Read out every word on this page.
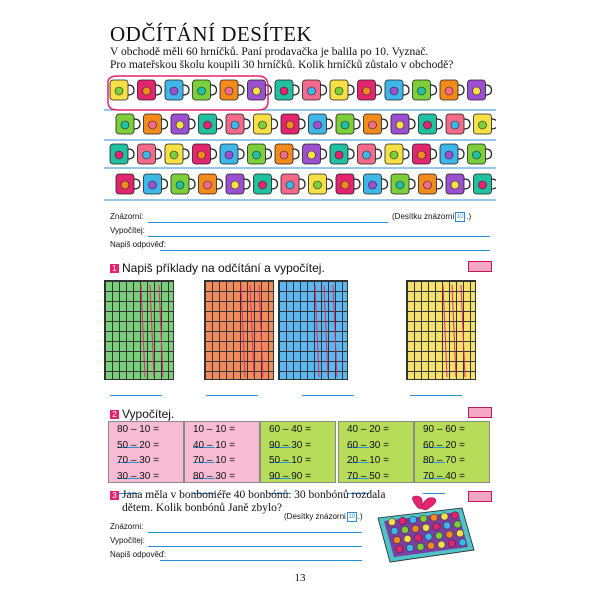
ODČÍTÁNÍ DESÍTEK
V obchodě měli 60 hrníčků. Paní prodavačka je balila po 10. Vyznač.
Pro mateřskou školu koupili 30 hrníčků. Kolik hrníčků zůstalo v obchodě?
Znázorni:	(Desítku znázorni 10 .)
Vypočítej:
Napiš odpověď:
1 Napiš příklady na odčítání a vypočítej.
2 Vypočítej.
80 – 10 =
50 – 20 =
70 – 30 =
30 – 30 =
10 – 10 =
40 – 10 =
70 – 10 =
80 – 30 =
60 – 40 =
90 – 30 =
50 – 10 =
90 – 90 =
40 – 20 =
60 – 30 =
20 – 10 =
70 – 50 =
90 – 60 =
60 – 20 =
80 – 70 =
70 – 40 =
3 Jana měla v bonboniéře 40 bonbónů. 30 bonbónů rozdala
dětem. Kolik bonbónů Janě zbylo?
(Desítky znázorni 10 .)
Znázorni:
Vypočítej:
Napiš odpověď:
13
